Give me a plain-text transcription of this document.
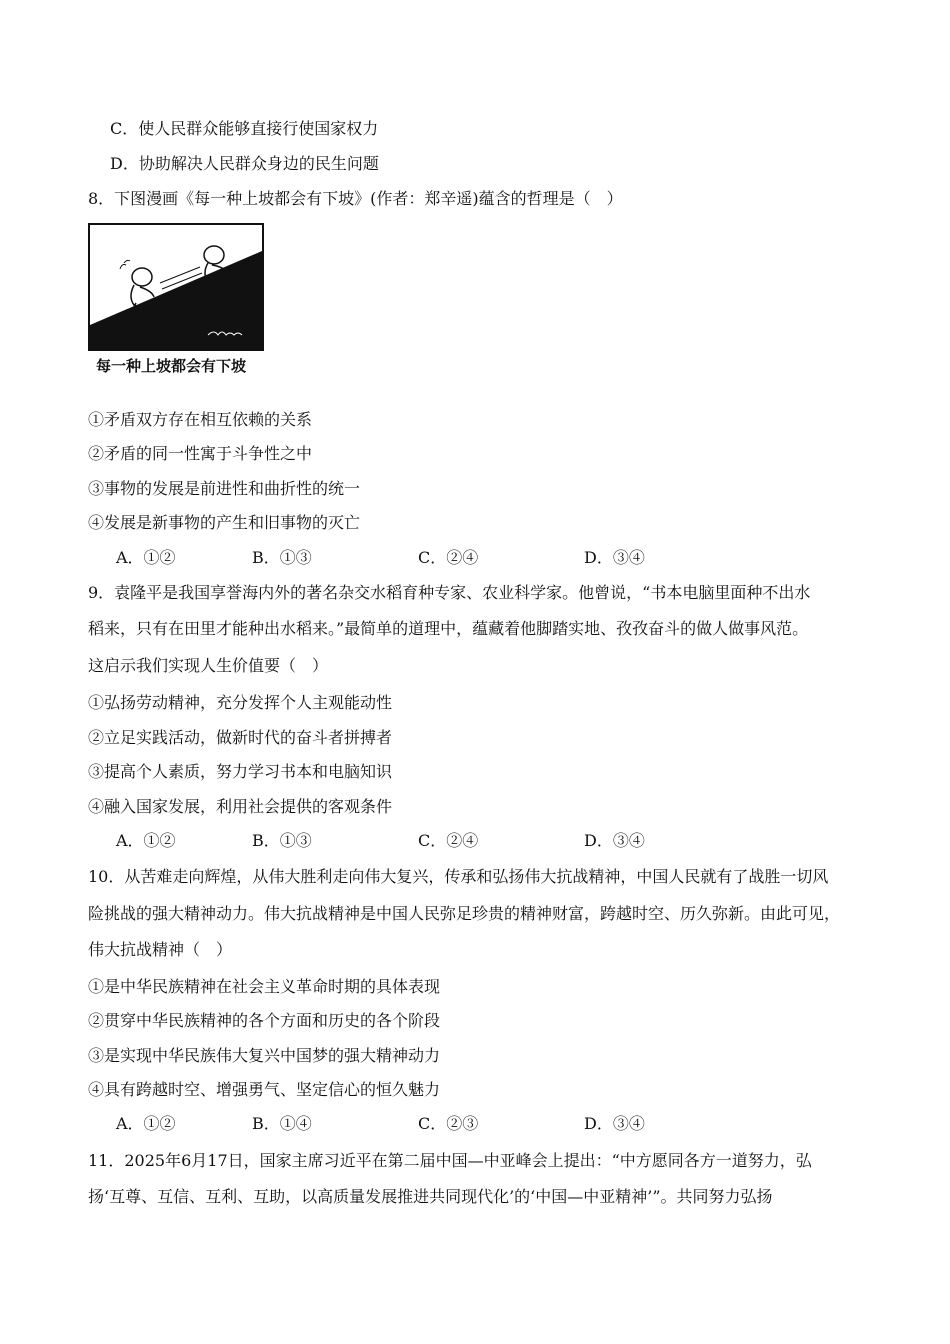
C．使人民群众能够直接行使国家权力
D．协助解决人民群众身边的民生问题
8．下图漫画《每一种上坡都会有下坡》(作者：郑辛遥)蕴含的哲理是（　）
每一种上坡都会有下坡
①矛盾双方存在相互依赖的关系
②矛盾的同一性寓于斗争性之中
③事物的发展是前进性和曲折性的统一
④发展是新事物的产生和旧事物的灭亡
A．①②	B．①③	C．②④	D．③④
9．袁隆平是我国享誉海内外的著名杂交水稻育种专家、农业科学家。他曾说，“书本电脑里面种不出水
稻来，只有在田里才能种出水稻来。”最简单的道理中，蕴藏着他脚踏实地、孜孜奋斗的做人做事风范。
这启示我们实现人生价值要（　）
①弘扬劳动精神，充分发挥个人主观能动性
②立足实践活动，做新时代的奋斗者拼搏者
③提高个人素质，努力学习书本和电脑知识
④融入国家发展，利用社会提供的客观条件
A．①②	B．①③	C．②④	D．③④
10．从苦难走向辉煌，从伟大胜利走向伟大复兴，传承和弘扬伟大抗战精神，中国人民就有了战胜一切风
险挑战的强大精神动力。伟大抗战精神是中国人民弥足珍贵的精神财富，跨越时空、历久弥新。由此可见，
伟大抗战精神（　）
①是中华民族精神在社会主义革命时期的具体表现
②贯穿中华民族精神的各个方面和历史的各个阶段
③是实现中华民族伟大复兴中国梦的强大精神动力
④具有跨越时空、增强勇气、坚定信心的恒久魅力
A．①②	B．①④	C．②③	D．③④
11．2025年6月17日，国家主席习近平在第二届中国—中亚峰会上提出：“中方愿同各方一道努力，弘
扬‘互尊、互信、互利、互助，以高质量发展推进共同现代化’的‘中国—中亚精神’”。共同努力弘扬
